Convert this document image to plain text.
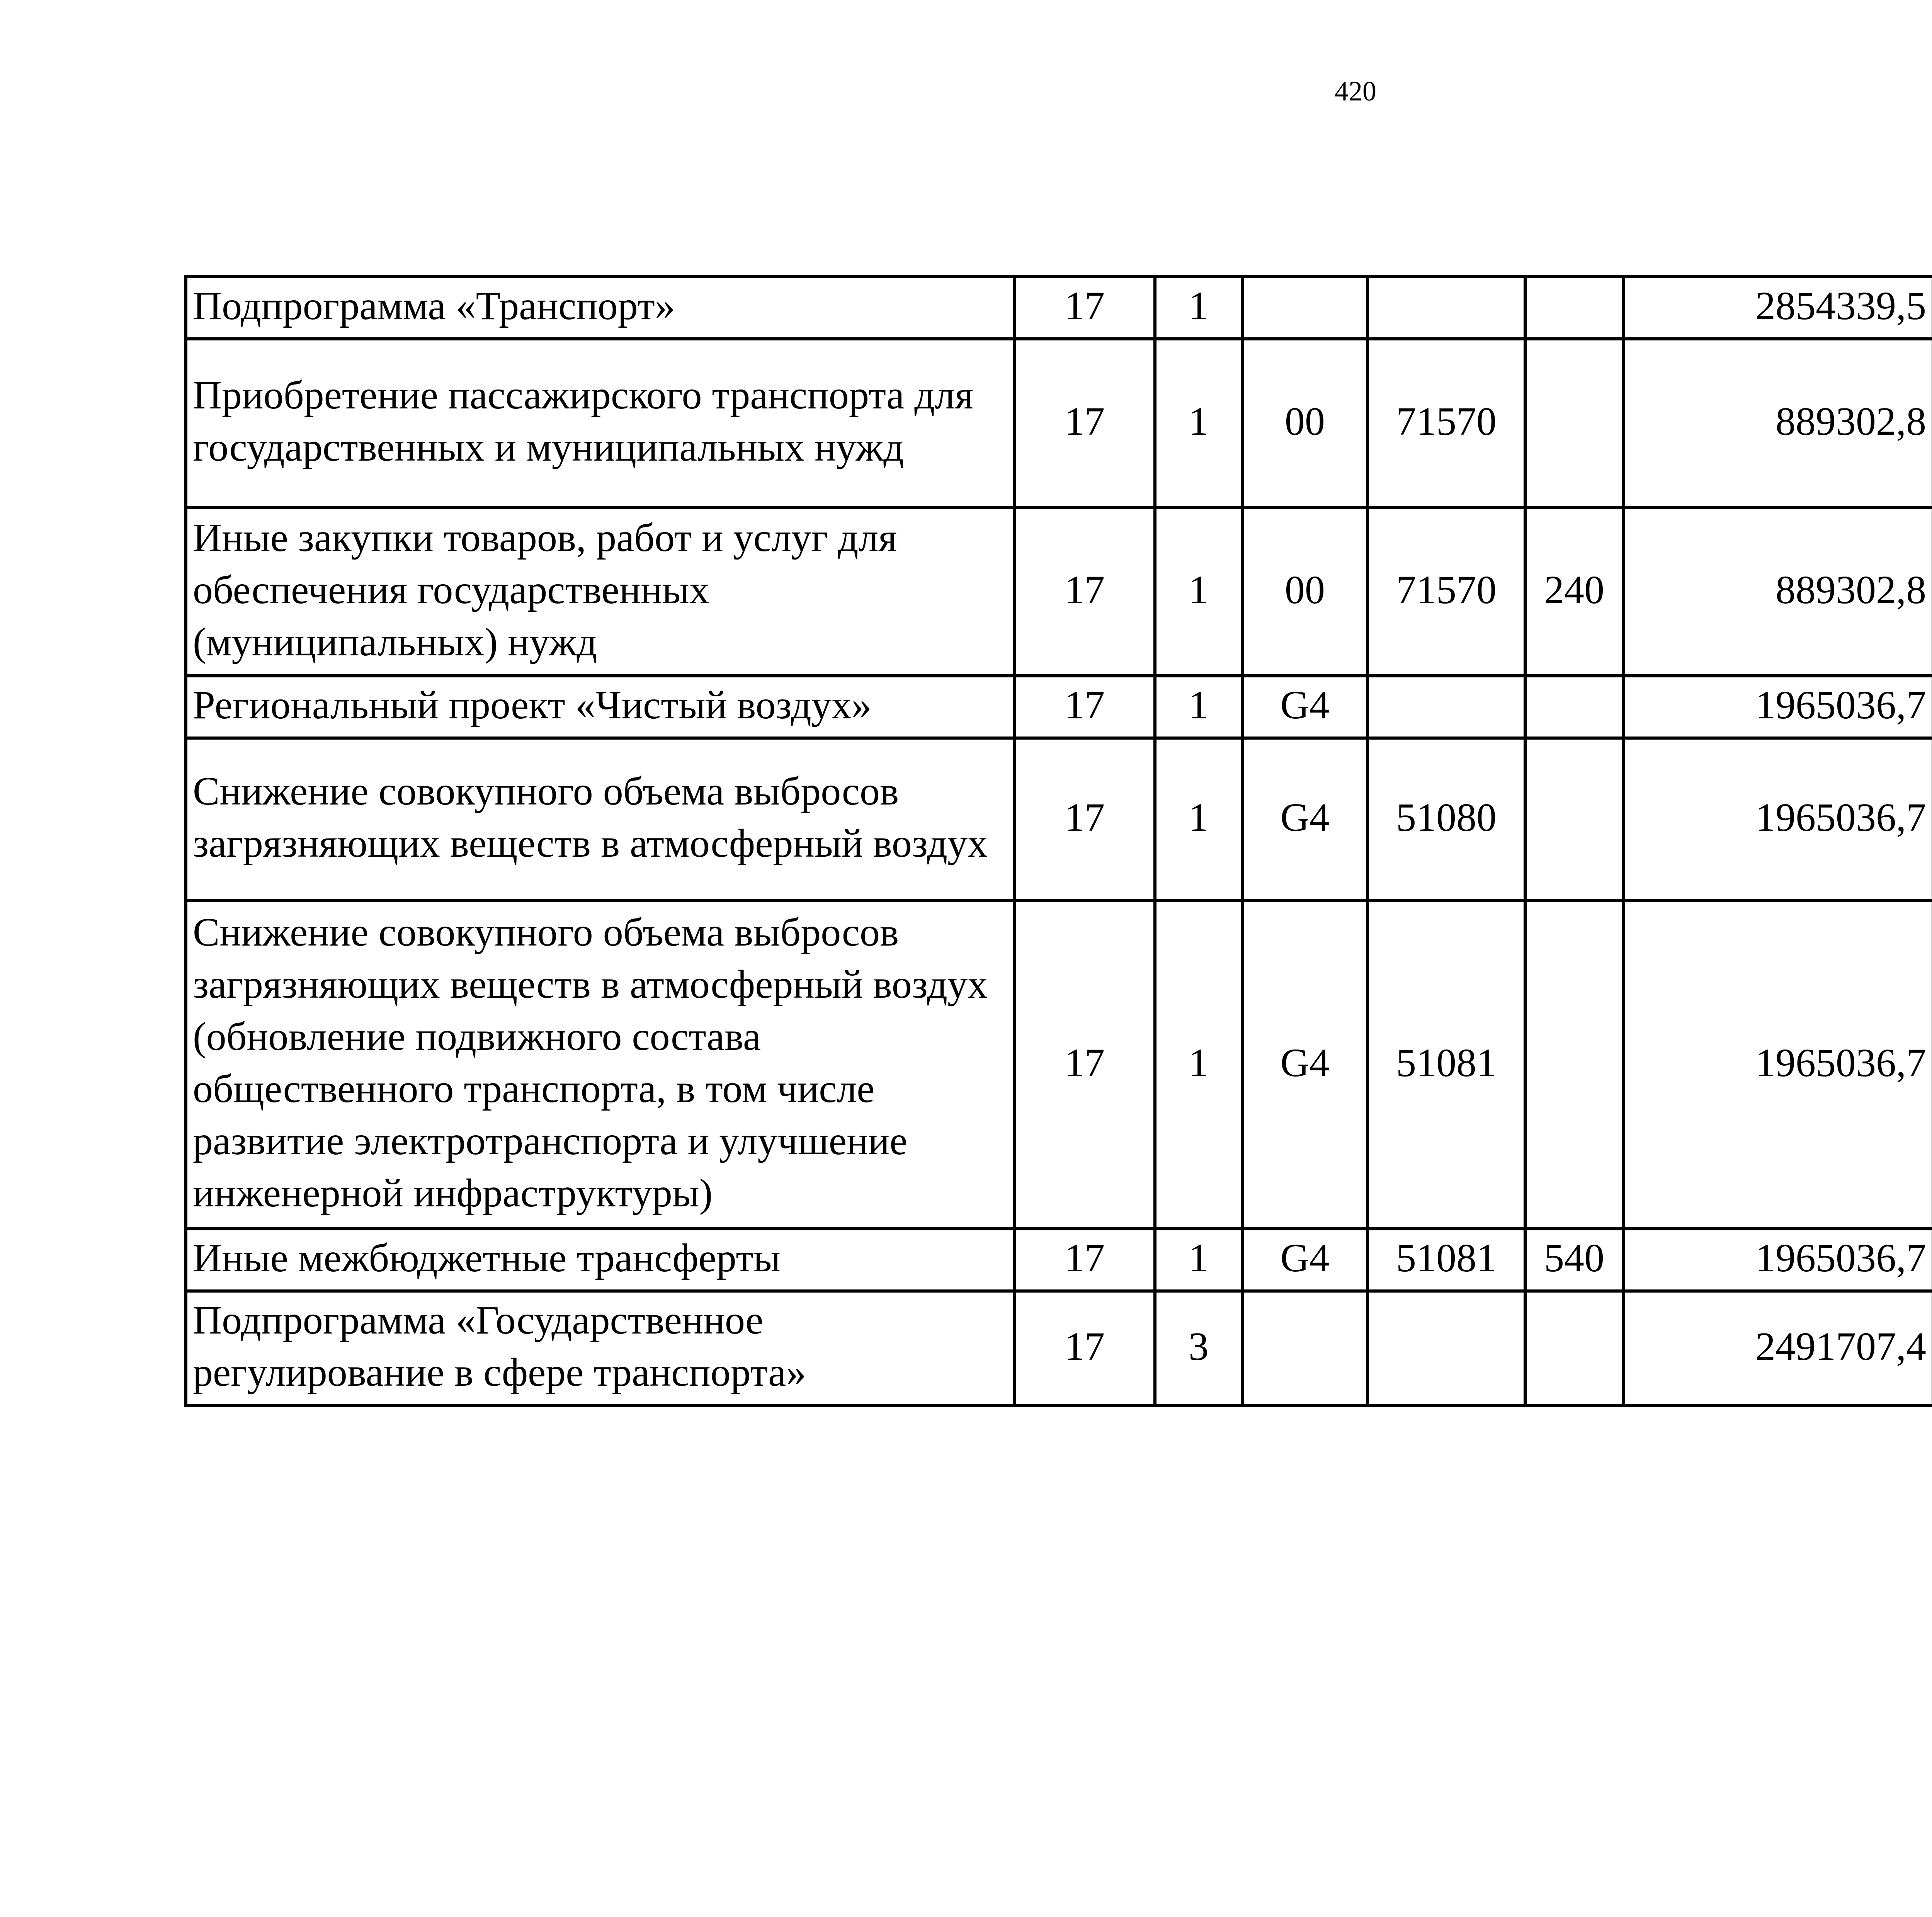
420
Подпрограмма «Транспорт»	17	1				2854339,5		
Приобретение пассажирского транспорта для государственных и муниципальных нужд	17	1	00	71570		889302,8		
Иные закупки товаров, работ и услуг для обеспечения государственных (муниципальных) нужд	17	1	00	71570	240	889302,8		
Региональный проект «Чистый воздух»	17	1	G4			1965036,7		
Снижение совокупного объема выбросов загрязняющих веществ в атмосферный воздух	17	1	G4	51080		1965036,7		
Снижение совокупного объема выбросов загрязняющих веществ в атмосферный воздух (обновление подвижного состава общественного транспорта, в том числе развитие электротранспорта и улучшение инженерной инфраструктуры)	17	1	G4	51081		1965036,7		
Иные межбюджетные трансферты	17	1	G4	51081	540	1965036,7		
Подпрограмма «Государственное регулирование в сфере транспорта»	17	3				2491707,4		
